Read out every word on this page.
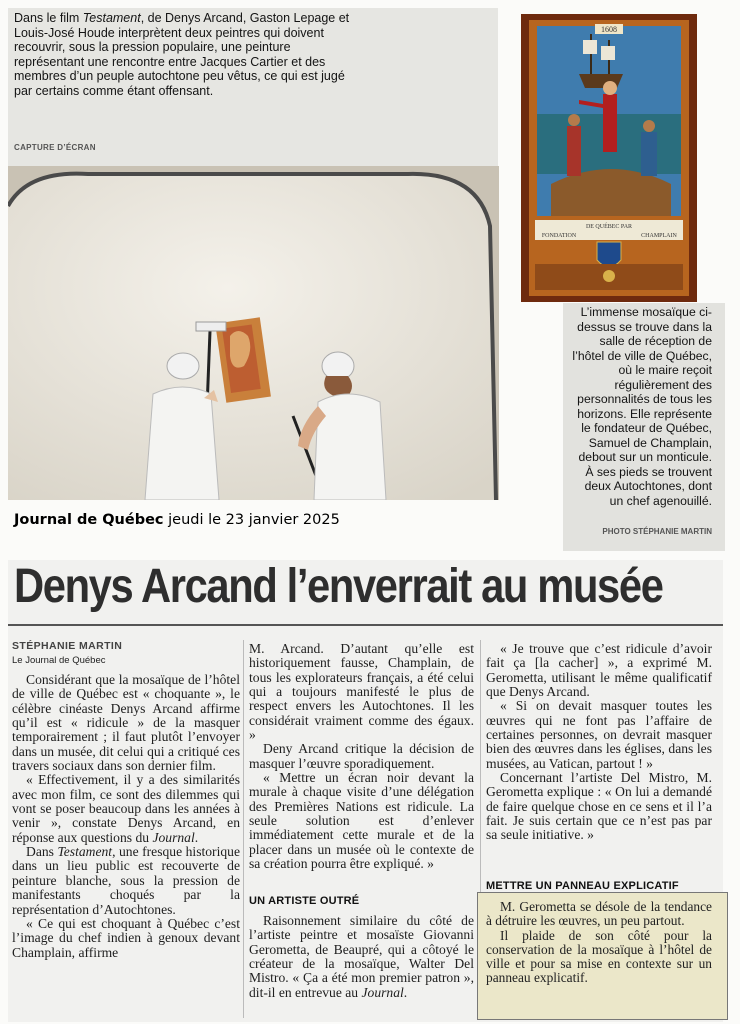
Dans le film Testament, de Denys Arcand, Gaston Lepage et Louis-José Houde interprètent deux peintres qui doivent recouvrir, sous la pression populaire, une peinture représentant une rencontre entre Jacques Cartier et des membres d’un peuple autochtone peu vêtus, ce qui est jugé par certains comme étant offensant.
CAPTURE D’ÉCRAN
1608
DE QUÉBEC PAR
FONDATION	CHAMPLAIN
L’immense mosaïque ci-dessus se trouve dans la salle de réception de l’hôtel de ville de Québec, où le maire reçoit régulièrement des personnalités de tous les horizons. Elle représente le fondateur de Québec, Samuel de Champlain, debout sur un monticule. À ses pieds se trouvent deux Autochtones, dont un chef agenouillé.
PHOTO STÉPHANIE MARTIN
Journal de Québec jeudi le 23 janvier 2025
Denys Arcand l’enverrait au musée
STÉPHANIE MARTIN
Le Journal de Québec

Considérant que la mosaïque de l’hôtel de ville de Québec est « choquante », le célèbre cinéaste Denys Arcand affirme qu’il est « ridicule » de la masquer temporairement ; il faut plutôt l’envoyer dans un musée, dit celui qui a critiqué ces travers sociaux dans son dernier film.

« Effectivement, il y a des similarités avec mon film, ce sont des dilemmes qui vont se poser beaucoup dans les années à venir », constate Denys Arcand, en réponse aux questions du Journal.

Dans Testament, une fresque historique dans un lieu public est recouverte de peinture blanche, sous la pression de manifestants choqués par la représentation d’Autochtones.

« Ce qui est choquant à Québec c’est l’image du chef indien à genoux devant Champlain, affirme

M. Arcand. D’autant qu’elle est historiquement fausse, Champlain, de tous les explorateurs français, a été celui qui a toujours manifesté le plus de respect envers les Autochtones. Il les considérait vraiment comme des égaux. »

Deny Arcand critique la décision de masquer l’œuvre sporadiquement.

« Mettre un écran noir devant la murale à chaque visite d’une délégation des Premières Nations est ridicule. La seule solution est d’enlever immédiatement cette murale et de la placer dans un musée où le contexte de sa création pourra être expliqué. »

UN ARTISTE OUTRÉ

Raisonnement similaire du côté de l’artiste peintre et mosaïste Giovanni Gerometta, de Beaupré, qui a côtoyé le créateur de la mosaïque, Walter Del Mistro. « Ça a été mon premier patron », dit-il en entrevue au Journal.

« Je trouve que c’est ridicule d’avoir fait ça [la cacher] », a exprimé M. Gerometta, utilisant le même qualificatif que Denys Arcand.

« Si on devait masquer toutes les œuvres qui ne font pas l’affaire de certaines personnes, on devrait masquer bien des œuvres dans les églises, dans les musées, au Vatican, partout ! »

Concernant l’artiste Del Mistro, M. Gerometta explique : « On lui a demandé de faire quelque chose en ce sens et il l’a fait. Je suis certain que ce n’est pas par sa seule initiative. »

METTRE UN PANNEAU EXPLICATIF

M. Gerometta se désole de la tendance à détruire les œuvres, un peu partout.

Il plaide de son côté pour la conservation de la mosaïque à l’hôtel de ville et pour sa mise en contexte sur un panneau explicatif.
